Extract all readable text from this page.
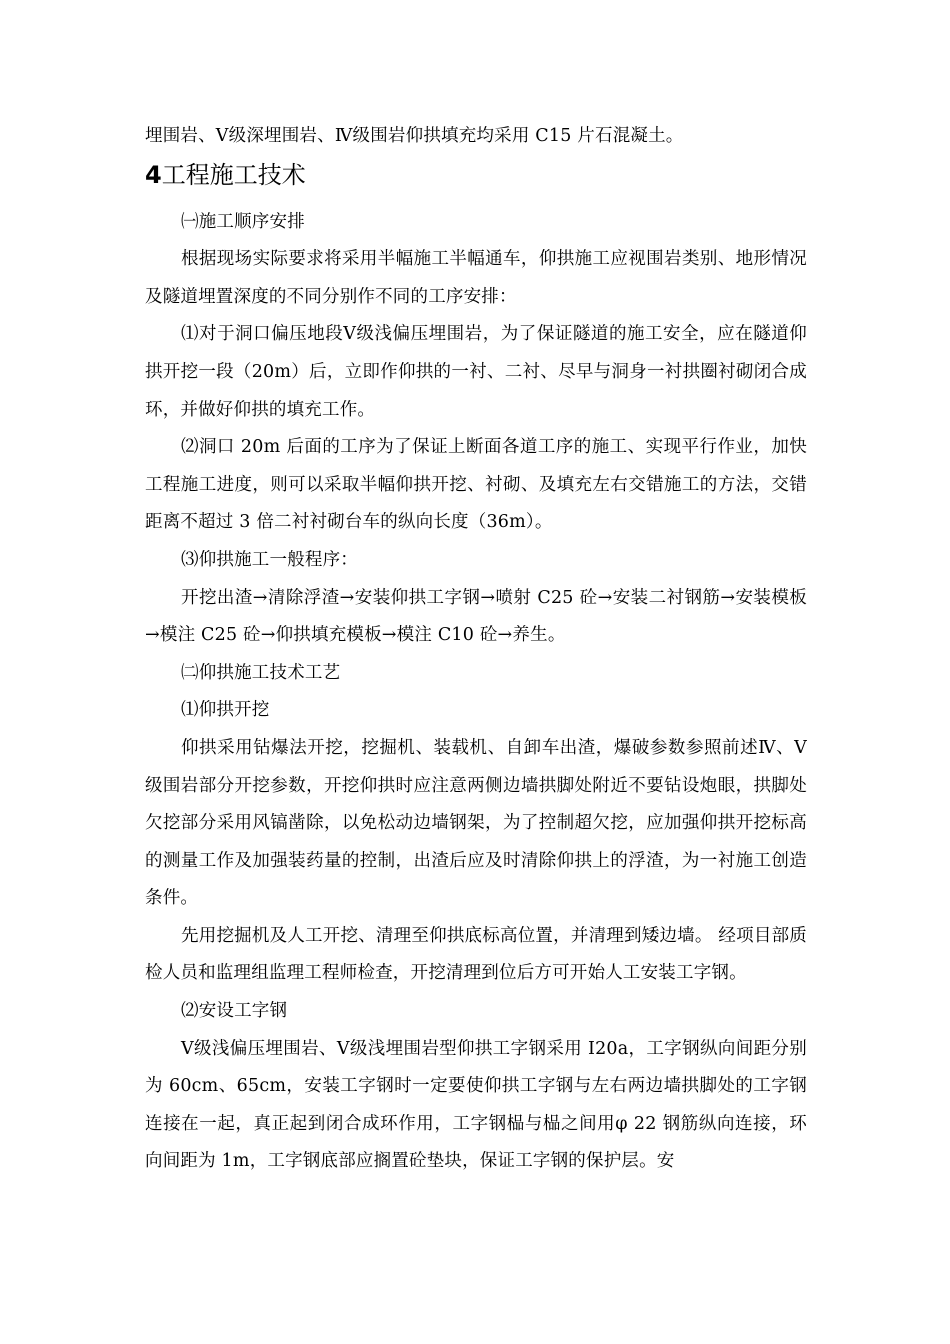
埋围岩、Ⅴ级深埋围岩、Ⅳ级围岩仰拱填充均采用 C15 片石混凝土。

4工程施工技术

㈠施工顺序安排

根据现场实际要求将采用半幅施工半幅通车，仰拱施工应视围岩类别、地形情况及隧道埋置深度的不同分别作不同的工序安排：

⑴对于洞口偏压地段Ⅴ级浅偏压埋围岩，为了保证隧道的施工安全，应在隧道仰拱开挖一段（20m）后，立即作仰拱的一衬、二衬、尽早与洞身一衬拱圈衬砌闭合成环，并做好仰拱的填充工作。

⑵洞口 20m 后面的工序为了保证上断面各道工序的施工、实现平行作业，加快工程施工进度，则可以采取半幅仰拱开挖、衬砌、及填充左右交错施工的方法，交错距离不超过 3 倍二衬衬砌台车的纵向长度（36m）。

⑶仰拱施工一般程序：

开挖出渣→清除浮渣→安装仰拱工字钢→喷射 C25 砼→安装二衬钢筋→安装模板→模注 C25 砼→仰拱填充模板→模注 C10 砼→养生。

㈡仰拱施工技术工艺

⑴仰拱开挖

仰拱采用钻爆法开挖，挖掘机、装载机、自卸车出渣，爆破参数参照前述Ⅳ、Ⅴ级围岩部分开挖参数，开挖仰拱时应注意两侧边墙拱脚处附近不要钻设炮眼，拱脚处欠挖部分采用风镐凿除，以免松动边墙钢架，为了控制超欠挖，应加强仰拱开挖标高的测量工作及加强装药量的控制，出渣后应及时清除仰拱上的浮渣，为一衬施工创造条件。

先用挖掘机及人工开挖、清理至仰拱底标高位置，并清理到矮边墙。 经项目部质检人员和监理组监理工程师检查，开挖清理到位后方可开始人工安装工字钢。

⑵安设工字钢

Ⅴ级浅偏压埋围岩、Ⅴ级浅埋围岩型仰拱工字钢采用 I20a，工字钢纵向间距分别为 60cm、65cm，安装工字钢时一定要使仰拱工字钢与左右两边墙拱脚处的工字钢连接在一起，真正起到闭合成环作用，工字钢榀与榀之间用φ 22 钢筋纵向连接，环向间距为 1m，工字钢底部应搁置砼垫块，保证工字钢的保护层。安
